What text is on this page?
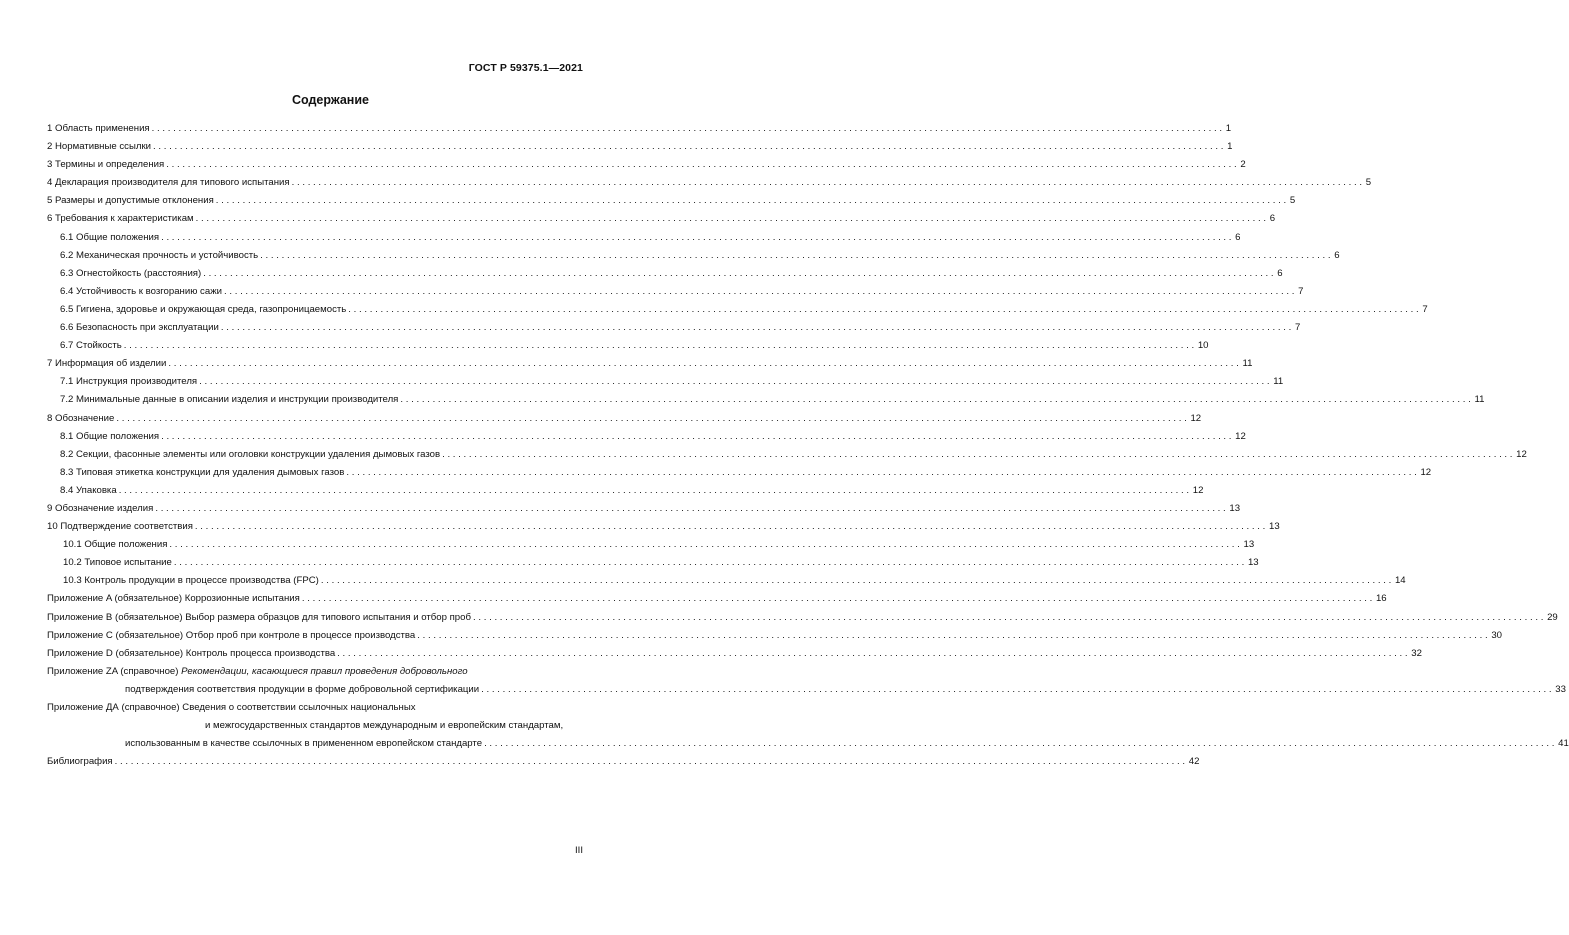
ГОСТ Р 59375.1—2021
Содержание
1 Область применения ........................................................................................................................................................................................................ 1
2 Нормативные ссылки ........................................................................................................................................................................................................ 1
3 Термины и определения ........................................................................................................................................................................................................ 2
4 Декларация производителя для типового испытания ........................................................................................................................................................................................................ 5
5 Размеры и допустимые отклонения ........................................................................................................................................................................................................ 5
6 Требования к характеристикам ........................................................................................................................................................................................................ 6
6.1 Общие положения ........................................................................................................................................................................................................ 6
6.2 Механическая прочность и устойчивость ........................................................................................................................................................................................................ 6
6.3 Огнестойкость (расстояния) ........................................................................................................................................................................................................ 6
6.4 Устойчивость к возгоранию сажи ........................................................................................................................................................................................................ 7
6.5 Гигиена, здоровье и окружающая среда, газопроницаемость ........................................................................................................................................................................................................ 7
6.6 Безопасность при эксплуатации ........................................................................................................................................................................................................ 7
6.7 Стойкость ........................................................................................................................................................................................................ 10
7 Информация об изделии ........................................................................................................................................................................................................ 11
7.1 Инструкция производителя ........................................................................................................................................................................................................ 11
7.2 Минимальные данные в описании изделия и инструкции производителя ........................................................................................................................................................................................................ 11
8 Обозначение ........................................................................................................................................................................................................ 12
8.1 Общие положения ........................................................................................................................................................................................................ 12
8.2 Секции, фасонные элементы или оголовки конструкции удаления дымовых газов ........................................................................................................................................................................................................ 12
8.3 Типовая этикетка конструкции для удаления дымовых газов ........................................................................................................................................................................................................ 12
8.4 Упаковка ........................................................................................................................................................................................................ 12
9 Обозначение изделия ........................................................................................................................................................................................................ 13
10 Подтверждение соответствия ........................................................................................................................................................................................................ 13
10.1 Общие положения ........................................................................................................................................................................................................ 13
10.2 Типовое испытание ........................................................................................................................................................................................................ 13
10.3 Контроль продукции в процессе производства (FPC) ........................................................................................................................................................................................................ 14
Приложение A (обязательное) Коррозионные испытания ........................................................................................................................................................................................................ 16
Приложение B (обязательное) Выбор размера образцов для типового испытания и отбор проб ........................................................................................................................................................................................................ 29
Приложение C (обязательное) Отбор проб при контроле в процессе производства ........................................................................................................................................................................................................ 30
Приложение D (обязательное) Контроль процесса производства ........................................................................................................................................................................................................ 32
Приложение ZA (справочное) Рекомендации, касающиеся правил проведения добровольного
подтверждения соответствия продукции в форме добровольной сертификации ........................................................................................................................................................................................................ 33
Приложение ДА (справочное) Сведения о соответствии ссылочных национальных
и межгосударственных стандартов международным и европейским стандартам,
использованным в качестве ссылочных в примененном европейском стандарте ........................................................................................................................................................................................................ 41
Библиография ........................................................................................................................................................................................................ 42
III
